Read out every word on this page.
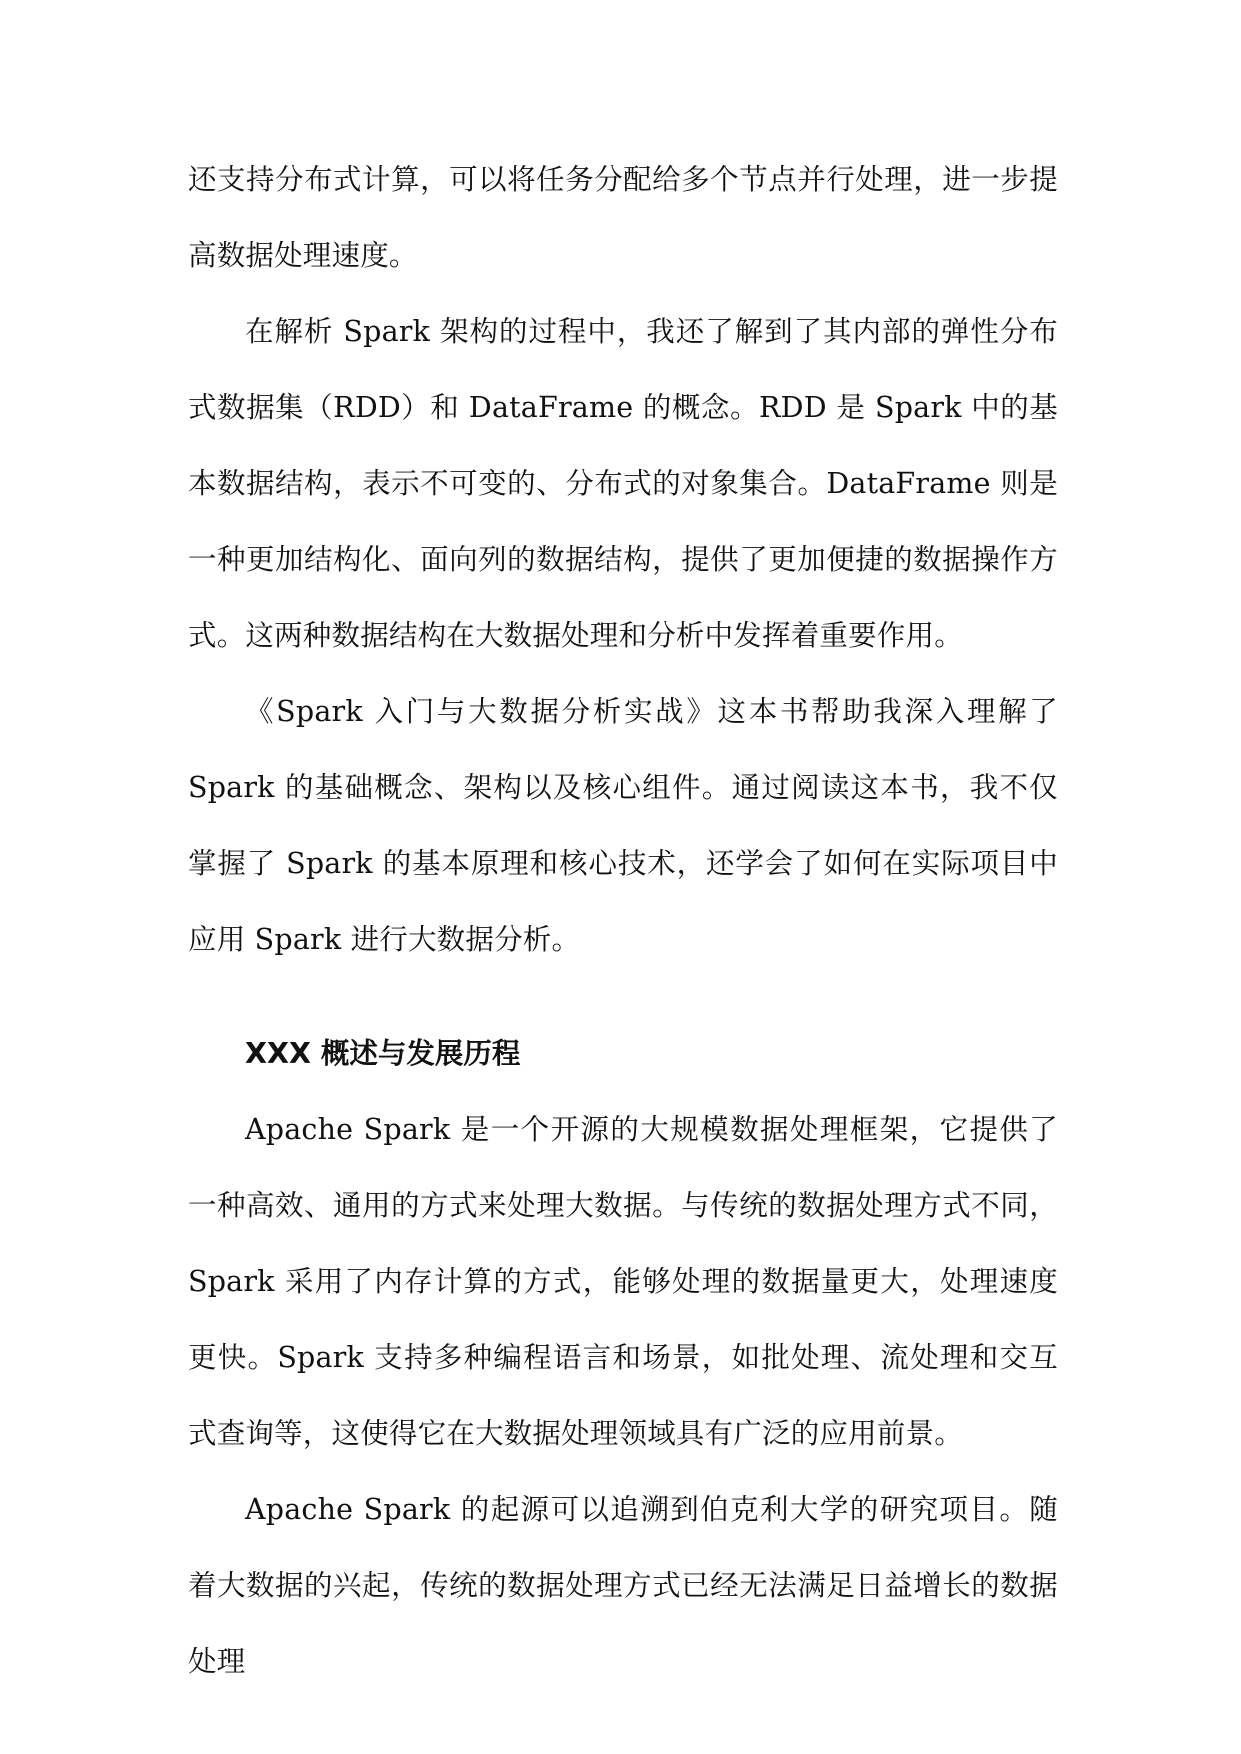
还支持分布式计算，可以将任务分配给多个节点并行处理，进一步提高数据处理速度。

在解析 Spark 架构的过程中，我还了解到了其内部的弹性分布式数据集（RDD）和 DataFrame 的概念。RDD 是 Spark 中的基本数据结构，表示不可变的、分布式的对象集合。DataFrame 则是一种更加结构化、面向列的数据结构，提供了更加便捷的数据操作方式。这两种数据结构在大数据处理和分析中发挥着重要作用。

《Spark 入门与大数据分析实战》这本书帮助我深入理解了 Spark 的基础概念、架构以及核心组件。通过阅读这本书，我不仅掌握了 Spark 的基本原理和核心技术，还学会了如何在实际项目中应用 Spark 进行大数据分析。

XXX 概述与发展历程

Apache Spark 是一个开源的大规模数据处理框架，它提供了一种高效、通用的方式来处理大数据。与传统的数据处理方式不同，Spark 采用了内存计算的方式，能够处理的数据量更大，处理速度更快。Spark 支持多种编程语言和场景，如批处理、流处理和交互式查询等，这使得它在大数据处理领域具有广泛的应用前景。

Apache Spark 的起源可以追溯到伯克利大学的研究项目。随着大数据的兴起，传统的数据处理方式已经无法满足日益增长的数据处理
